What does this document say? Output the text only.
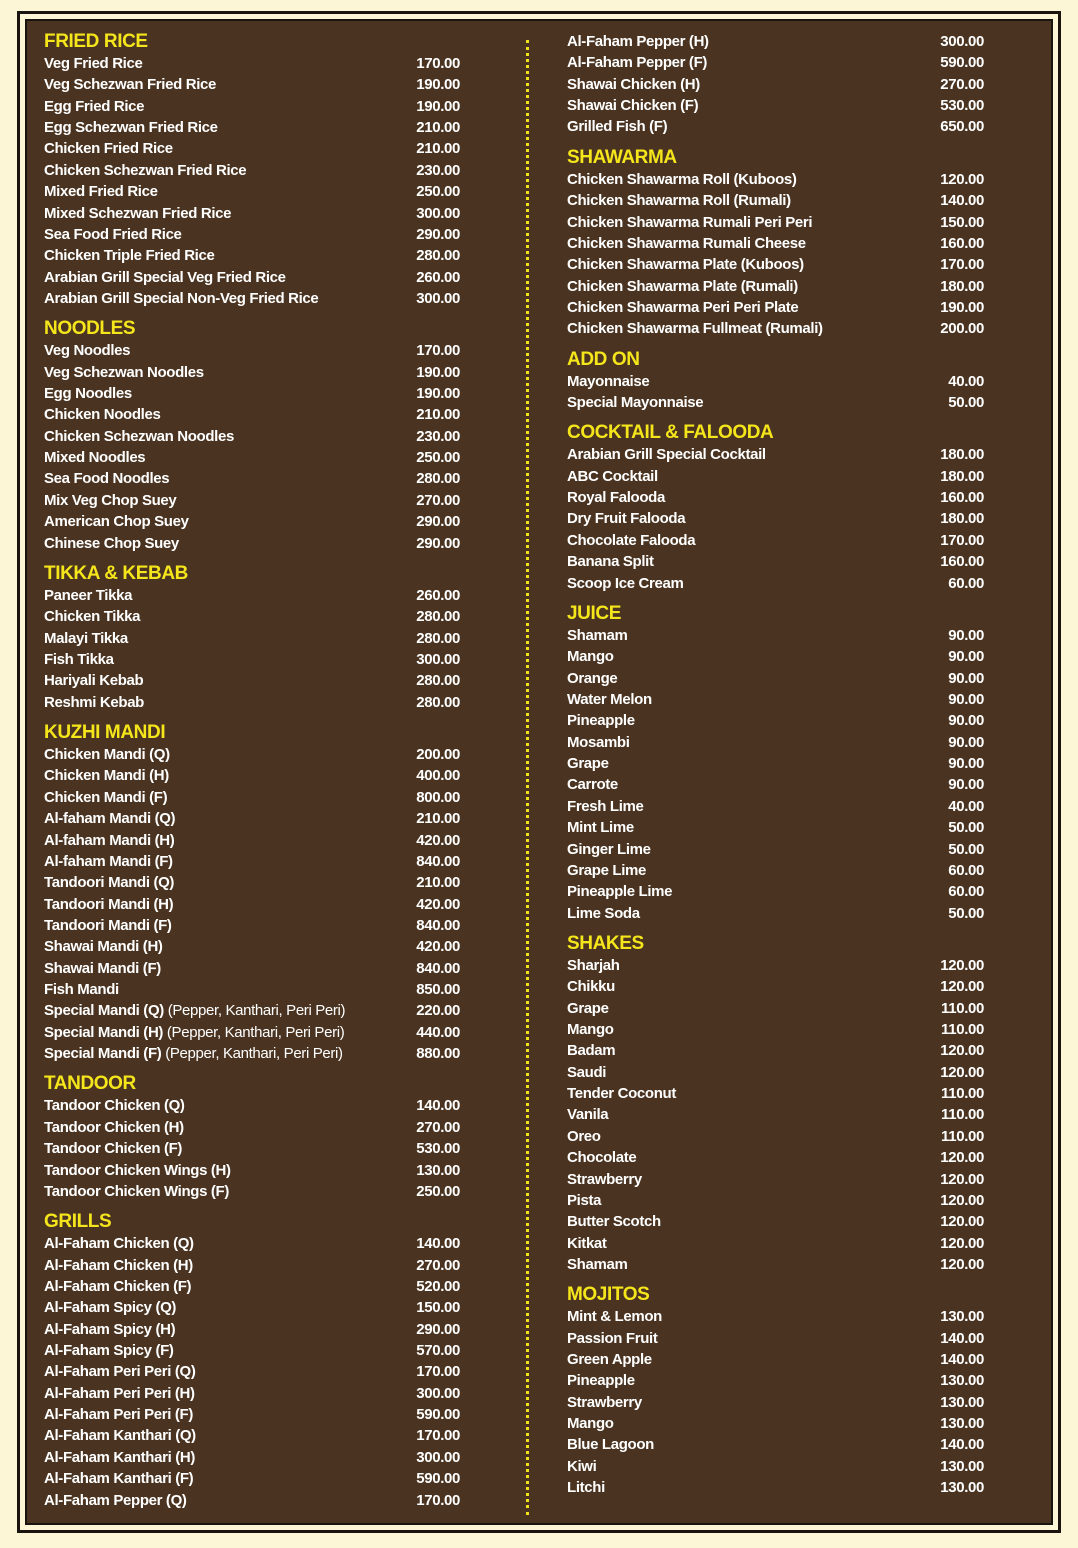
FRIED RICE
Veg Fried Rice	170.00
Veg Schezwan Fried Rice	190.00
Egg Fried Rice	190.00
Egg Schezwan Fried Rice	210.00
Chicken Fried Rice	210.00
Chicken Schezwan Fried Rice	230.00
Mixed Fried Rice	250.00
Mixed Schezwan Fried Rice	300.00
Sea Food Fried Rice	290.00
Chicken Triple Fried Rice	280.00
Arabian Grill Special Veg Fried Rice	260.00
Arabian Grill Special Non-Veg Fried Rice	300.00
NOODLES
Veg Noodles	170.00
Veg Schezwan Noodles	190.00
Egg Noodles	190.00
Chicken Noodles	210.00
Chicken Schezwan Noodles	230.00
Mixed Noodles	250.00
Sea Food Noodles	280.00
Mix Veg Chop Suey	270.00
American Chop Suey	290.00
Chinese Chop Suey	290.00
TIKKA & KEBAB
Paneer Tikka	260.00
Chicken Tikka	280.00
Malayi Tikka	280.00
Fish Tikka	300.00
Hariyali Kebab	280.00
Reshmi Kebab	280.00
KUZHI MANDI
Chicken Mandi (Q)	200.00
Chicken Mandi (H)	400.00
Chicken Mandi (F)	800.00
Al-faham Mandi (Q)	210.00
Al-faham Mandi (H)	420.00
Al-faham Mandi (F)	840.00
Tandoori Mandi (Q)	210.00
Tandoori Mandi (H)	420.00
Tandoori Mandi (F)	840.00
Shawai Mandi (H)	420.00
Shawai Mandi (F)	840.00
Fish Mandi	850.00
Special Mandi (Q) (Pepper, Kanthari, Peri Peri)	220.00
Special Mandi (H) (Pepper, Kanthari, Peri Peri)	440.00
Special Mandi (F) (Pepper, Kanthari, Peri Peri)	880.00
TANDOOR
Tandoor Chicken (Q)	140.00
Tandoor Chicken (H)	270.00
Tandoor Chicken (F)	530.00
Tandoor Chicken Wings (H)	130.00
Tandoor Chicken Wings (F)	250.00
GRILLS
Al-Faham Chicken (Q)	140.00
Al-Faham Chicken (H)	270.00
Al-Faham Chicken (F)	520.00
Al-Faham Spicy (Q)	150.00
Al-Faham Spicy (H)	290.00
Al-Faham Spicy (F)	570.00
Al-Faham Peri Peri (Q)	170.00
Al-Faham Peri Peri (H)	300.00
Al-Faham Peri Peri (F)	590.00
Al-Faham Kanthari (Q)	170.00
Al-Faham Kanthari (H)	300.00
Al-Faham Kanthari (F)	590.00
Al-Faham Pepper (Q)	170.00
Al-Faham Pepper (H)	300.00
Al-Faham Pepper (F)	590.00
Shawai Chicken (H)	270.00
Shawai Chicken (F)	530.00
Grilled Fish (F)	650.00
SHAWARMA
Chicken Shawarma Roll (Kuboos)	120.00
Chicken Shawarma Roll (Rumali)	140.00
Chicken Shawarma Rumali Peri Peri	150.00
Chicken Shawarma Rumali Cheese	160.00
Chicken Shawarma Plate (Kuboos)	170.00
Chicken Shawarma Plate (Rumali)	180.00
Chicken Shawarma Peri Peri Plate	190.00
Chicken Shawarma Fullmeat (Rumali)	200.00
ADD ON
Mayonnaise	40.00
Special Mayonnaise	50.00
COCKTAIL & FALOODA
Arabian Grill Special Cocktail	180.00
ABC Cocktail	180.00
Royal Falooda	160.00
Dry Fruit Falooda	180.00
Chocolate Falooda	170.00
Banana Split	160.00
Scoop Ice Cream	60.00
JUICE
Shamam	90.00
Mango	90.00
Orange	90.00
Water Melon	90.00
Pineapple	90.00
Mosambi	90.00
Grape	90.00
Carrote	90.00
Fresh Lime	40.00
Mint Lime	50.00
Ginger Lime	50.00
Grape Lime	60.00
Pineapple Lime	60.00
Lime Soda	50.00
SHAKES
Sharjah	120.00
Chikku	120.00
Grape	110.00
Mango	110.00
Badam	120.00
Saudi	120.00
Tender Coconut	110.00
Vanila	110.00
Oreo	110.00
Chocolate	120.00
Strawberry	120.00
Pista	120.00
Butter Scotch	120.00
Kitkat	120.00
Shamam	120.00
MOJITOS
Mint & Lemon	130.00
Passion Fruit	140.00
Green Apple	140.00
Pineapple	130.00
Strawberry	130.00
Mango	130.00
Blue Lagoon	140.00
Kiwi	130.00
Litchi	130.00
